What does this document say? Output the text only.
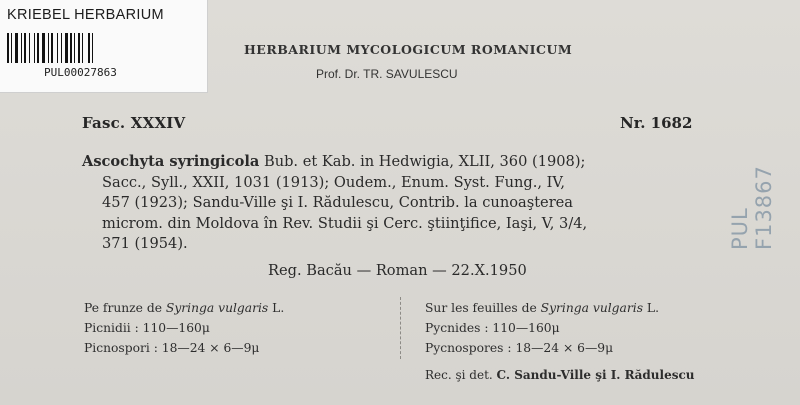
KRIEBEL HERBARIUM
PUL00027863
HERBARIUM MYCOLOGICUM ROMANICUM
Prof. Dr. TR. SAVULESCU
Fasc. XXXIV	Nr. 1682
Ascochyta syringicola Bub. et Kab. in Hedwigia, XLII, 360 (1908);
Sacc., Syll., XXII, 1031 (1913); Oudem., Enum. Syst. Fung., IV,
457 (1923); Sandu-Ville şi I. Rădulescu, Contrib. la cunoaşterea
microm. din Moldova în Rev. Studii şi Cerc. ştiinţifice, Iaşi, V, 3/4,
371 (1954).
Reg. Bacău — Roman — 22.X.1950
Pe frunze de Syringa vulgaris L.
Picnidii : 110—160μ
Picnospori : 18—24 × 6—9μ
Sur les feuilles de Syringa vulgaris L.
Pycnides : 110—160μ
Pycnospores : 18—24 × 6—9μ
Rec. şi det. C. Sandu-Ville şi I. Rădulescu
PUL F13867
